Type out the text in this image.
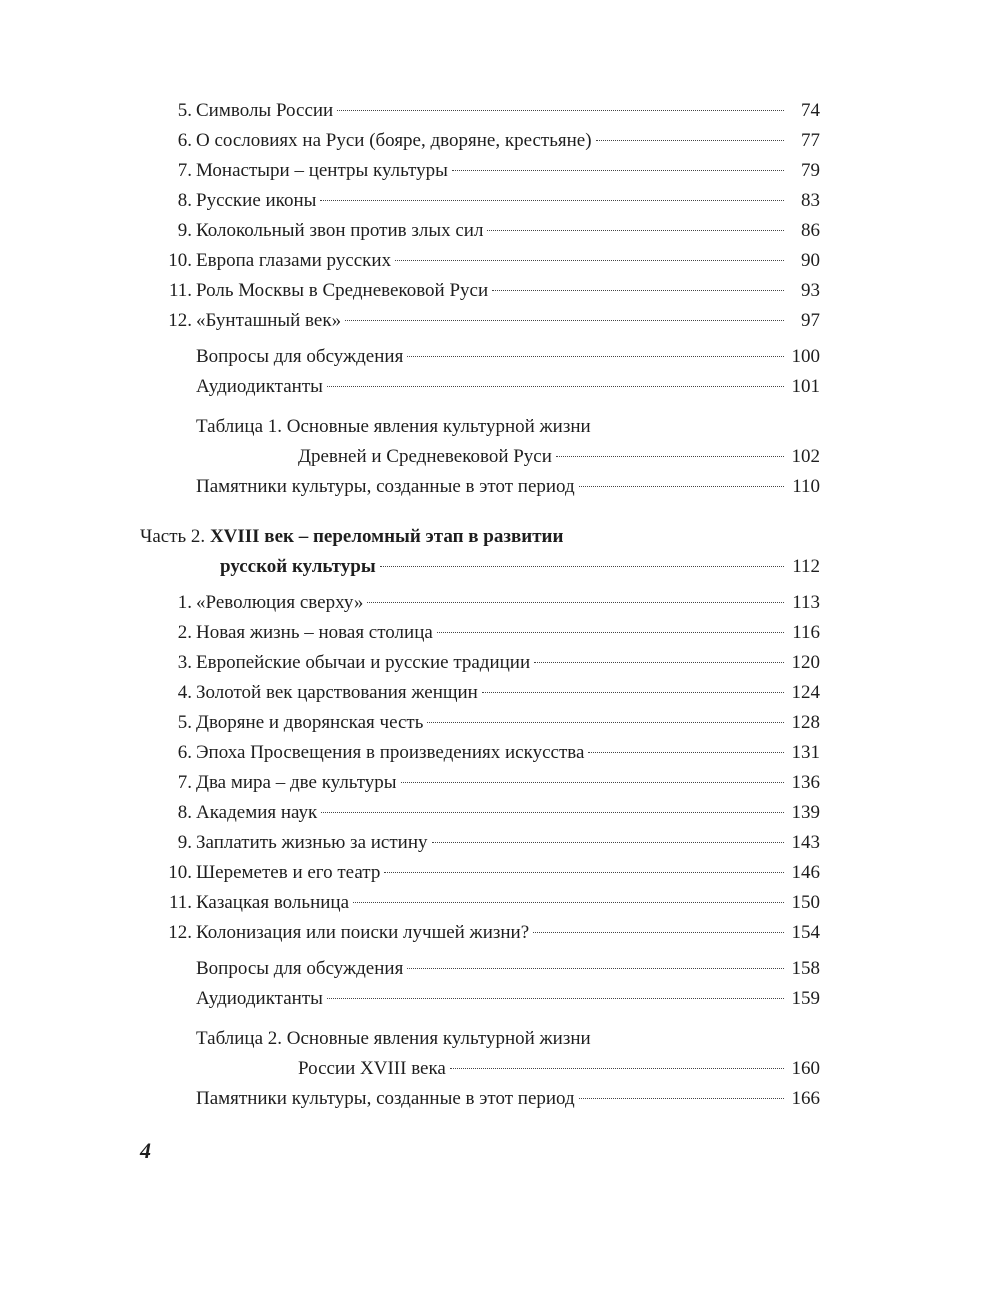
5. Символы России	74
6. О сословиях на Руси (бояре, дворяне, крестьяне)	77
7. Монастыри – центры культуры	79
8. Русские иконы	83
9. Колокольный звон против злых сил	86
10. Европа глазами русских	90
11. Роль Москвы в Средневековой Руси	93
12. «Бунташный век»	97
Вопросы для обсуждения	100
Аудиодиктанты	101
Таблица 1. Основные явления культурной жизни
Древней и Средневековой Руси	102
Памятники культуры, созданные в этот период	110
Часть 2. XVIII век – переломный этап в развитии
русской культуры	112
1. «Революция сверху»	113
2. Новая жизнь – новая столица	116
3. Европейские обычаи и русские традиции	120
4. Золотой век царствования женщин	124
5. Дворяне и дворянская честь	128
6. Эпоха Просвещения в произведениях искусства	131
7. Два мира – две культуры	136
8. Академия наук	139
9. Заплатить жизнью за истину	143
10. Шереметев и его театр	146
11. Казацкая вольница	150
12. Колонизация или поиски лучшей жизни?	154
Вопросы для обсуждения	158
Аудиодиктанты	159
Таблица 2. Основные явления культурной жизни
России XVIII века	160
Памятники культуры, созданные в этот период	166
4
